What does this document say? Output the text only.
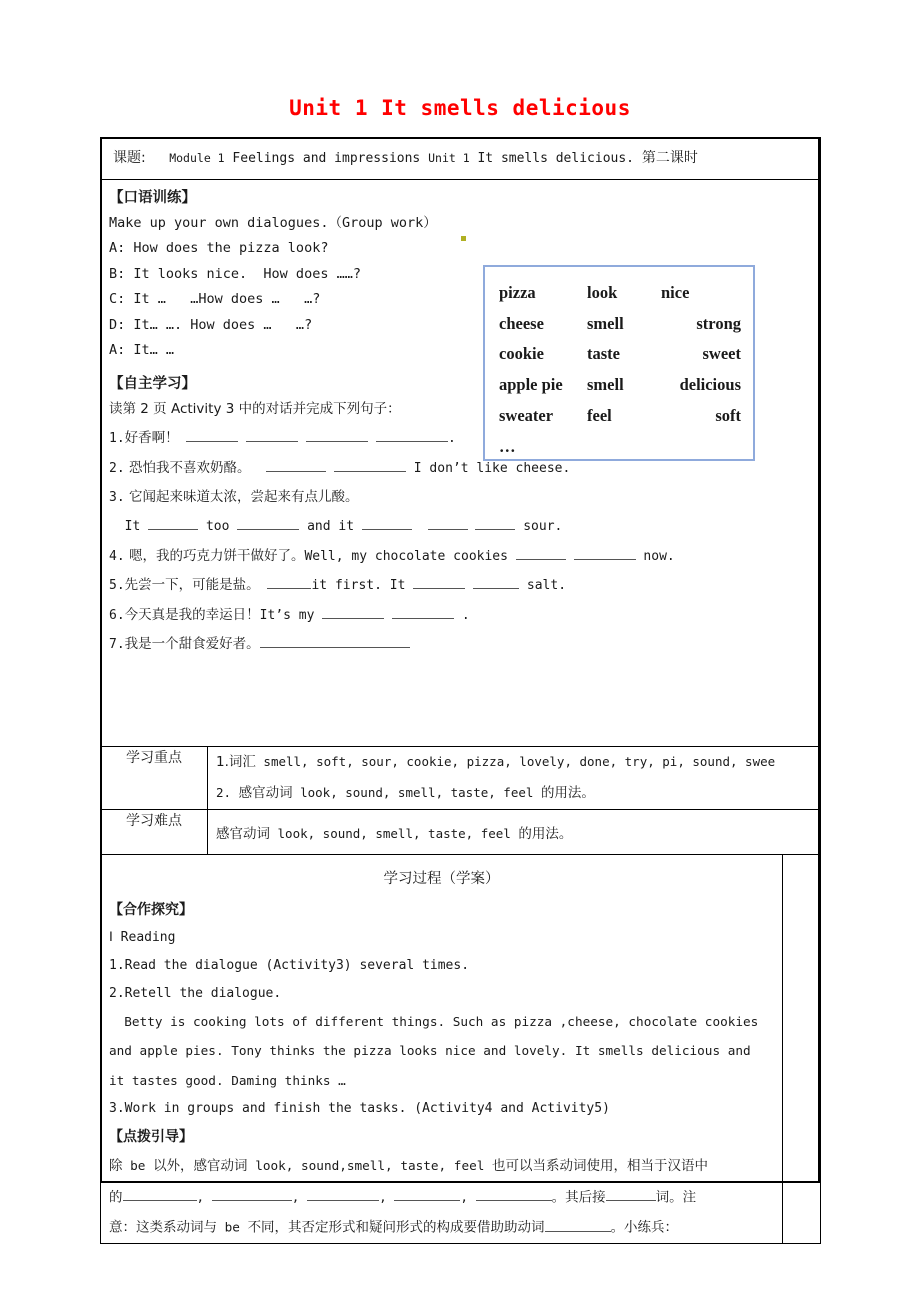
Unit 1 It smells delicious
课题: Module 1 Feelings and impressions Unit 1 It smells delicious. 第二课时		

【口语训练】
Make up your own dialogues.（Group work）
A: How does the pizza look?
B: It looks nice.  How does ……?
C: It …   …How does …   …?
D: It… …. How does …   …?
A: It… …
pizza	look	nice
cheese	smell	strong
cookie	taste	sweet
apple pie	smell	delicious
sweater	feel	soft
…
【自主学习】
读第 2 页 Activity 3 中的对话并完成下列句子：
1.好香啊！	.
2. 恐怕我不喜欢奶酪。	I don’t like cheese.
3. 它闻起来味道太浓，尝起来有点儿酸。
It	too	and it	sour.
4. 嗯，我的巧克力饼干做好了。Well, my chocolate cookies	now.
5.先尝一下，可能是盐。	it first. It	salt.
6.今天真是我的幸运日！It’s my	.
7.我是一个甜食爱好者。

学习重点	1.词汇 smell, soft, sour, cookie, pizza, lovely, done, try, pi, sound, swee
2. 感官动词 look, sound, smell, taste, feel 的用法。	

学习难点	感官动词 look, sound, smell, taste, feel 的用法。	

学习过程（学案）
【合作探究】
Ⅰ Reading
1.Read the dialogue (Activity3) several times.
2.Retell the dialogue.
Betty is cooking lots of different things. Such as pizza ,cheese, chocolate cookies
and apple pies. Tony thinks the pizza looks nice and lovely. It smells delicious and
it tastes good. Daming thinks …
3.Work in groups and finish the tasks. (Activity4 and Activity5)
【点拨引导】
除 be 以外，感官动词 look, sound,smell, taste, feel 也可以当系动词使用，相当于汉语中
的	,	,	,	,	。其后接	词。注
意：这类系动词与 be 不同，其否定形式和疑问形式的构成要借助助动词	。小练兵：
